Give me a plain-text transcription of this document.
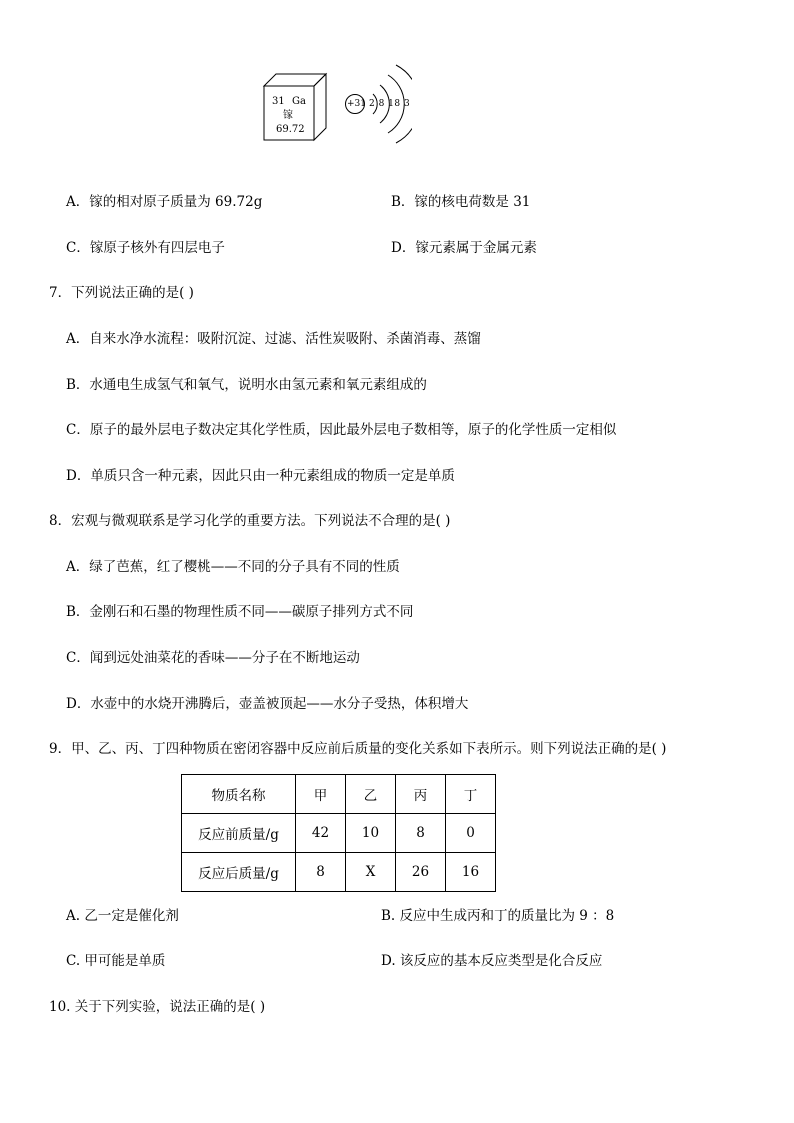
31 Ga
镓
69.72
+31 2 8 18 3
A．镓的相对原子质量为 69.72g	B．镓的核电荷数是 31
C．镓原子核外有四层电子	D．镓元素属于金属元素
7．下列说法正确的是( )
A．自来水净水流程：吸附沉淀、过滤、活性炭吸附、杀菌消毒、蒸馏
B．水通电生成氢气和氧气，说明水由氢元素和氧元素组成的
C．原子的最外层电子数决定其化学性质，因此最外层电子数相等，原子的化学性质一定相似
D．单质只含一种元素，因此只由一种元素组成的物质一定是单质
8．宏观与微观联系是学习化学的重要方法。下列说法不合理的是( )
A．绿了芭蕉，红了樱桃——不同的分子具有不同的性质
B．金刚石和石墨的物理性质不同——碳原子排列方式不同
C．闻到远处油菜花的香味——分子在不断地运动
D．水壶中的水烧开沸腾后，壶盖被顶起——水分子受热，体积增大
9．甲、乙、丙、丁四种物质在密闭容器中反应前后质量的变化关系如下表所示。则下列说法正确的是( )
物质名称	甲	乙	丙	丁
反应前质量/g	42	10	8	0
反应后质量/g	8	X	26	16
A. 乙一定是催化剂	B. 反应中生成丙和丁的质量比为 9 ：8
C. 甲可能是单质	D. 该反应的基本反应类型是化合反应
10. 关于下列实验，说法正确的是( )
